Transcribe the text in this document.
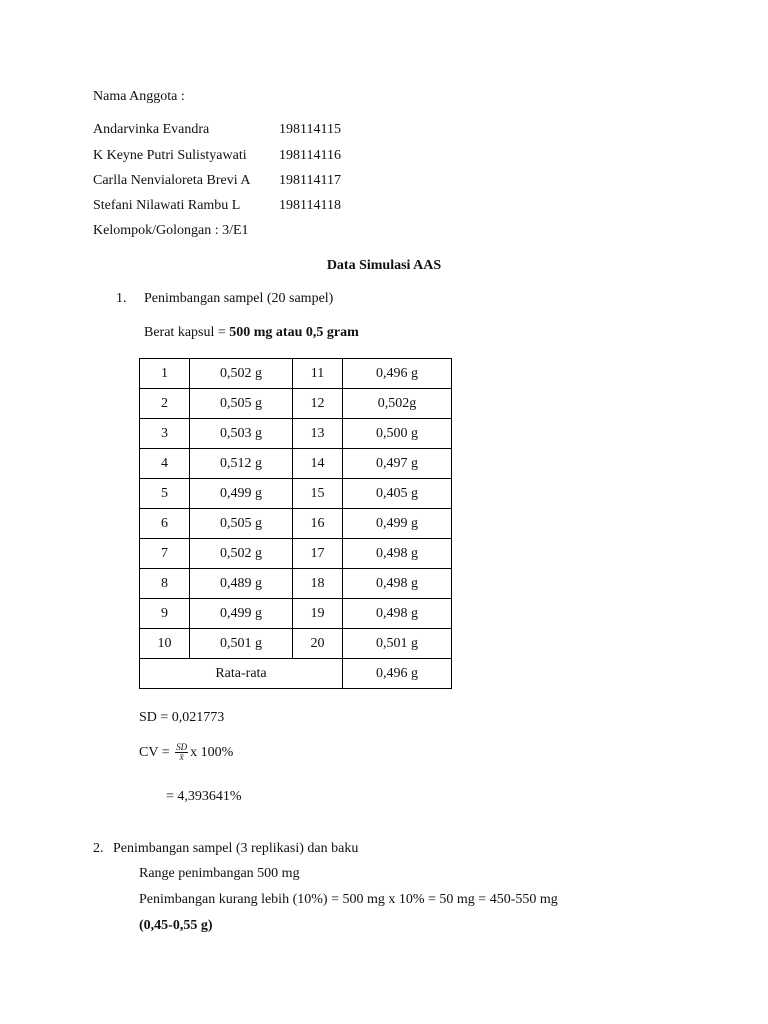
Nama Anggota :
Andarvinka Evandra	198114115
K Keyne Putri Sulistyawati 198114116
Carlla Nenvialoreta Brevi A 198114117
Stefani Nilawati Rambu L	198114118
Kelompok/Golongan : 3/E1
Data Simulasi AAS
1. Penimbangan sampel (20 sampel)
Berat kapsul = 500 mg atau 0,5 gram
1	0,502 g	11	0,496 g
2	0,505 g	12	0,502g
3	0,503 g	13	0,500 g
4	0,512 g	14	0,497 g
5	0,499 g	15	0,405 g
6	0,505 g	16	0,499 g
7	0,502 g	17	0,498 g
8	0,489 g	18	0,498 g
9	0,499 g	19	0,498 g
10	0,501 g	20	0,501 g
Rata-rata			0,496 g
SD = 0,021773
CV = $\frac{SD}{x̄}$ x 100%
= 4,393641%
2. Penimbangan sampel (3 replikasi) dan baku
Range penimbangan 500 mg
Penimbangan kurang lebih (10%) = 500 mg x 10% = 50 mg = 450-550 mg
(0,45-0,55 g)
